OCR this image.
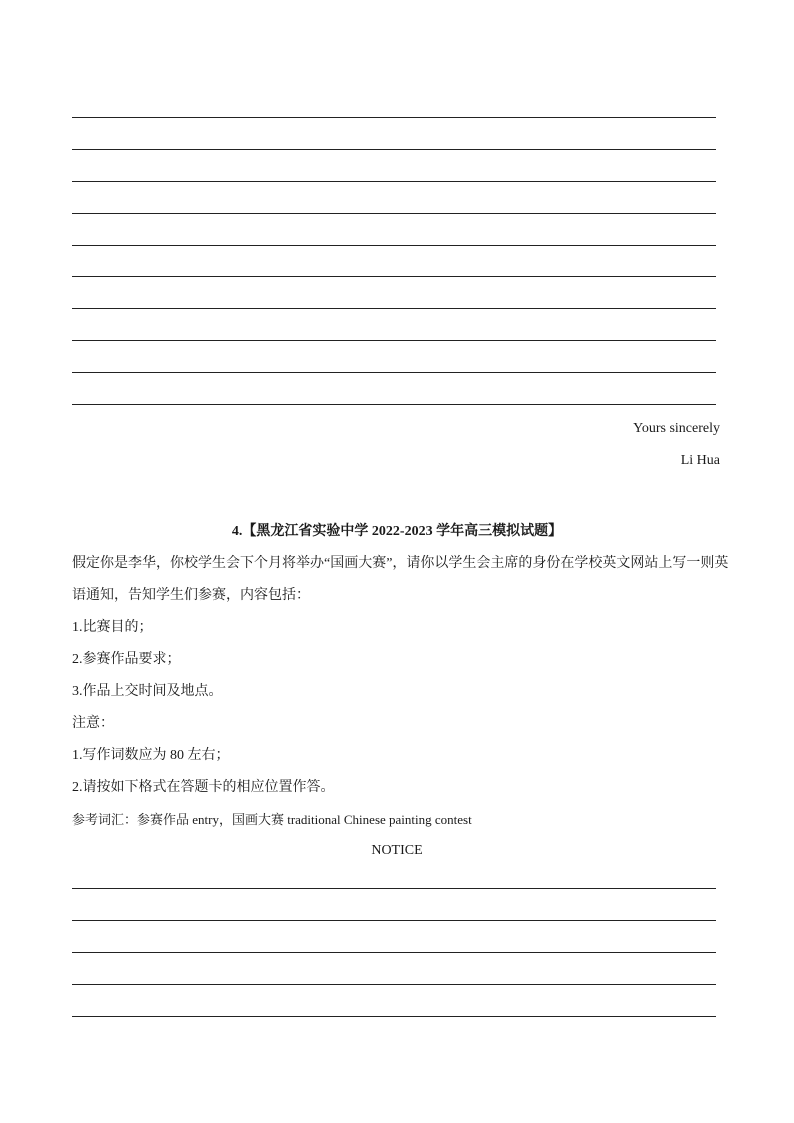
Yours sincerely
Li Hua
4.【黑龙江省实验中学 2022-2023 学年高三模拟试题】
假定你是李华，你校学生会下个月将举办“国画大赛”，请你以学生会主席的身份在学校英文网站上写一则英
语通知，告知学生们参赛，内容包括：
1.比赛目的；
2.参赛作品要求；
3.作品上交时间及地点。
注意：
1.写作词数应为 80 左右；
2.请按如下格式在答题卡的相应位置作答。
参考词汇：参赛作品 entry，国画大赛 traditional Chinese painting contest
NOTICE
